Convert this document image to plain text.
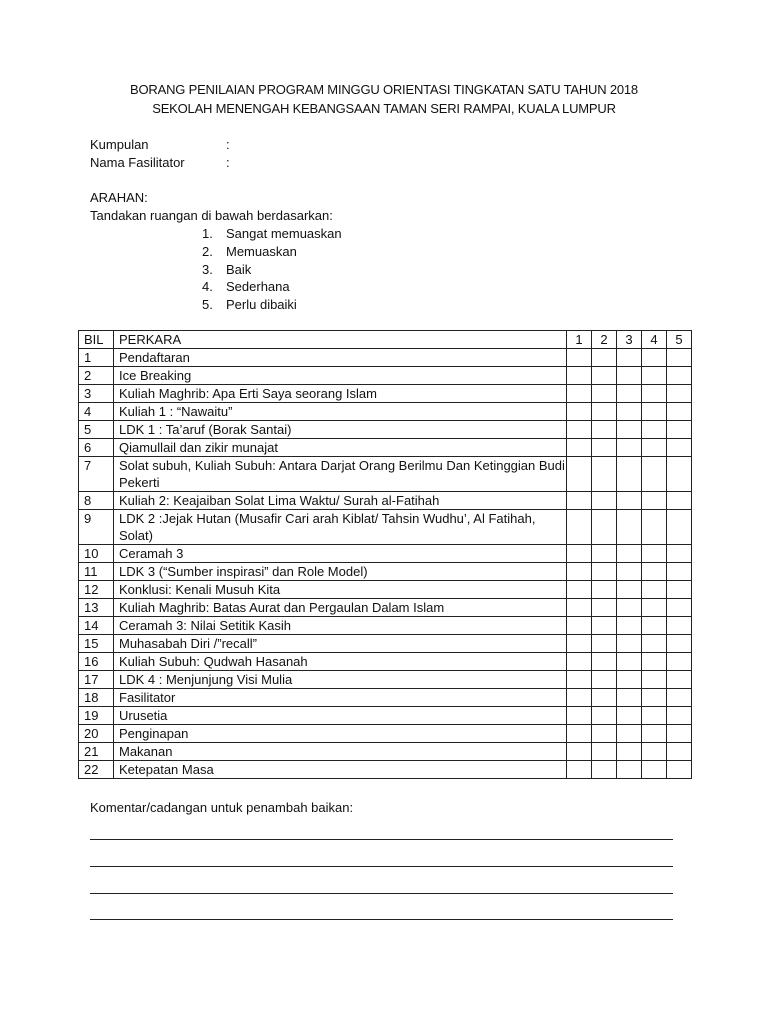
BORANG PENILAIAN PROGRAM MINGGU ORIENTASI TINGKATAN SATU TAHUN 2018
SEKOLAH MENENGAH KEBANGSAAN TAMAN SERI RAMPAI, KUALA LUMPUR
Kumpulan	:
Nama Fasilitator	:
ARAHAN:
Tandakan ruangan di bawah berdasarkan:
1.	Sangat memuaskan
2.	Memuaskan
3.	Baik
4.	Sederhana
5.	Perlu dibaiki
BIL	PERKARA	1	2	3	4	5
1	Pendaftaran					
2	Ice Breaking					
3	Kuliah Maghrib: Apa Erti Saya seorang Islam					
4	Kuliah 1 : “Nawaitu”					
5	LDK 1 : Ta’aruf (Borak Santai)					
6	Qiamullail dan zikir munajat					
7	Solat subuh, Kuliah Subuh: Antara Darjat Orang Berilmu Dan Ketinggian Budi Pekerti					
8	Kuliah 2: Keajaiban Solat Lima Waktu/ Surah al-Fatihah					
9	LDK 2 :Jejak Hutan (Musafir Cari arah Kiblat/ Tahsin Wudhu’, Al Fatihah, Solat)					
10	Ceramah 3					
11	LDK 3 (“Sumber inspirasi” dan Role Model)					
12	Konklusi: Kenali Musuh Kita					
13	Kuliah Maghrib: Batas Aurat dan Pergaulan Dalam Islam					
14	Ceramah 3: Nilai Setitik Kasih					
15	Muhasabah Diri /”recall”					
16	Kuliah Subuh: Qudwah Hasanah					
17	LDK 4 : Menjunjung Visi Mulia					
18	Fasilitator					
19	Urusetia					
20	Penginapan					
21	Makanan					
22	Ketepatan Masa					
Komentar/cadangan untuk penambah baikan:
